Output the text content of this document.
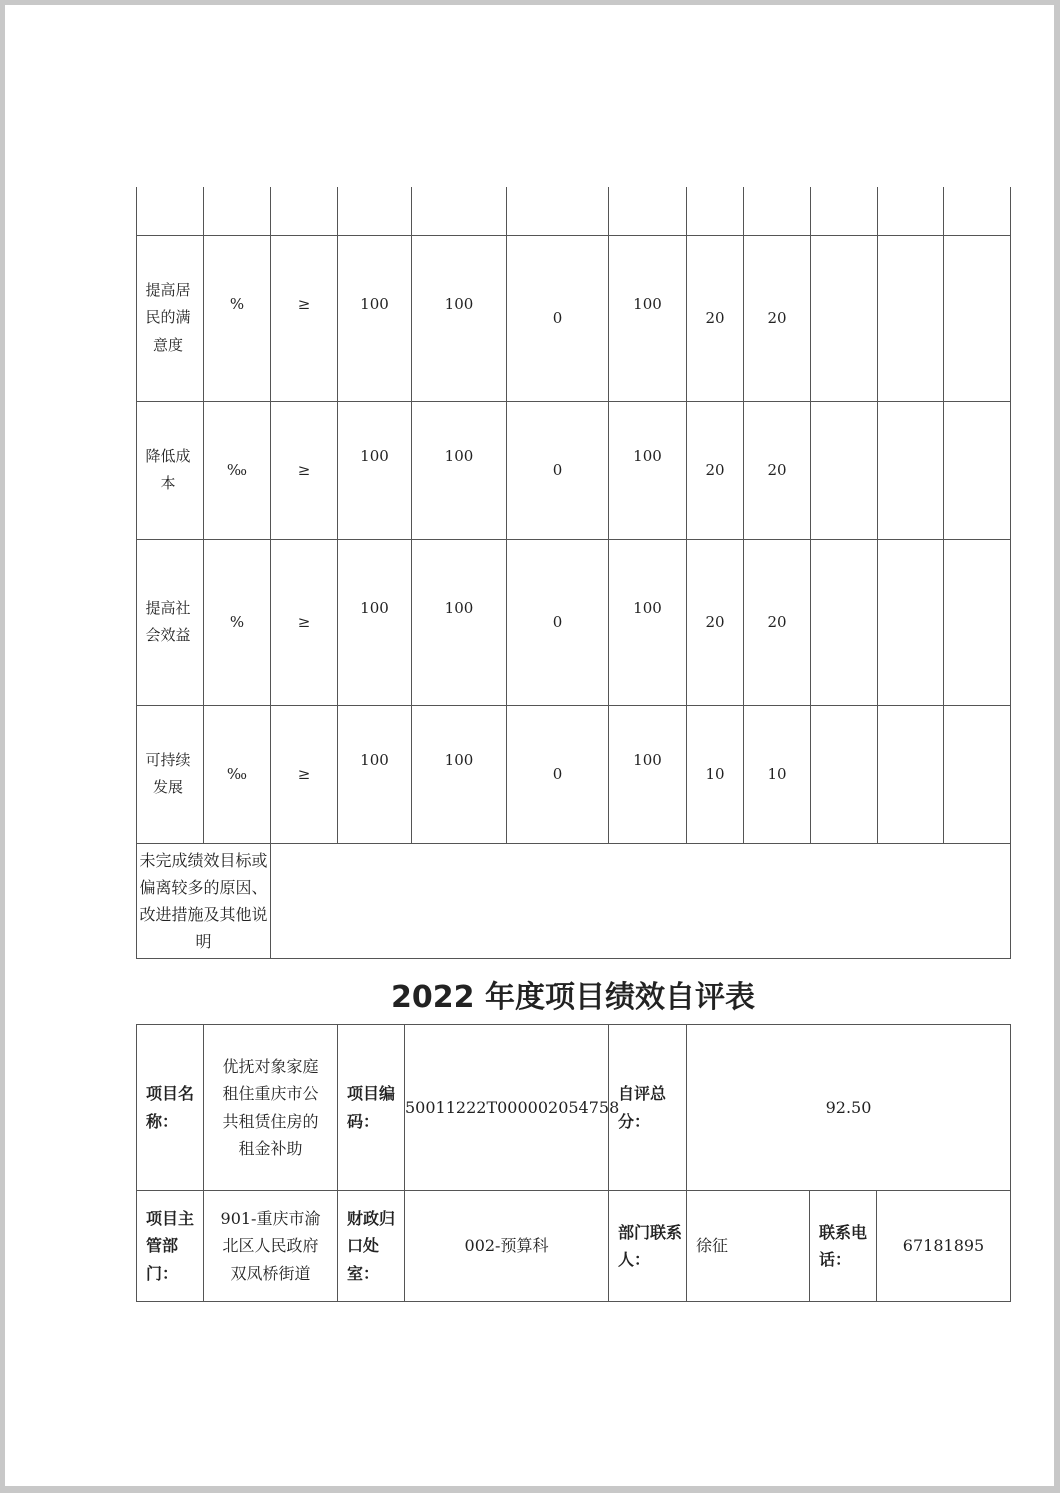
提高居民的满意度	%	≥	100	100	0	100	20	20			
降低成本	‰	≥	100	100	0	100	20	20			
提高社会效益	%	≥	100	100	0	100	20	20			
可持续发展	‰	≥	100	100	0	100	10	10			
未完成绩效目标或偏离较多的原因、改进措施及其他说明											
2022 年度项目绩效自评表
项目名称：	优抚对象家庭租住重庆市公共租赁住房的租金补助	项目编码：	50011222T000002054758	自评总分：	92.50		
项目主管部门：	901-重庆市渝北区人民政府双凤桥街道	财政归口处室：	002-预算科	部门联系人：	徐征	联系电话：	67181895
